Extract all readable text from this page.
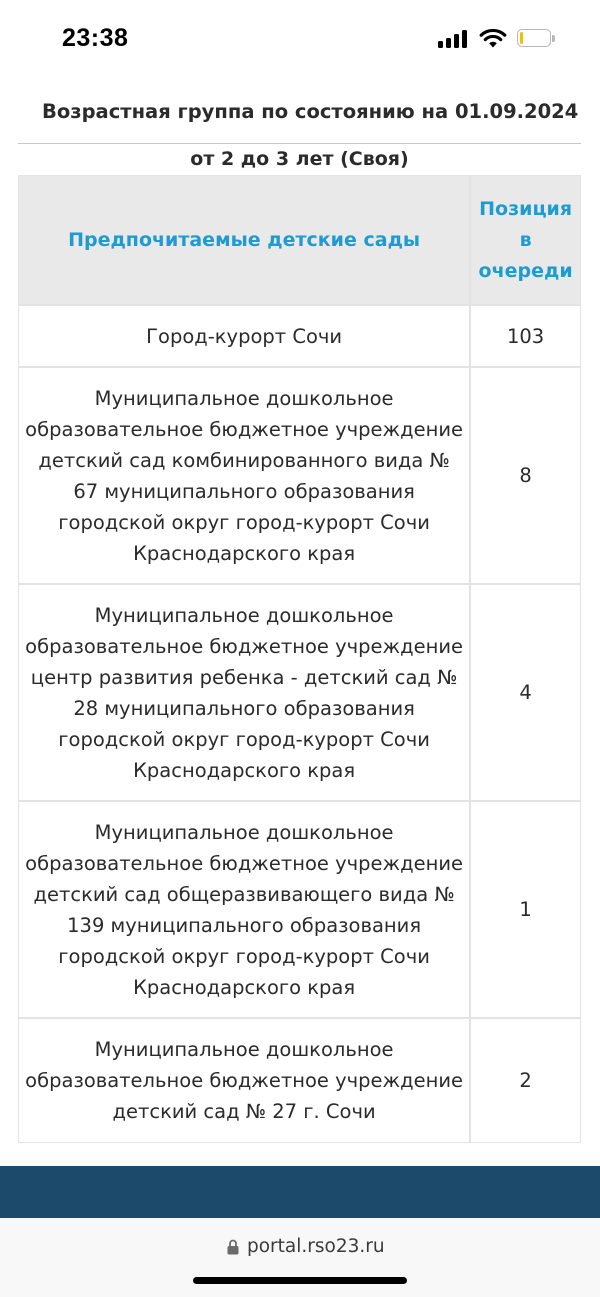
23:38
Возрастная группа по состоянию на 01.09.2024
от 2 до 3 лет (Своя)
Предпочитаемые детские сады	Позиция в очереди
Город-курорт Сочи	103
Муниципальное дошкольное образовательное бюджетное учреждение детский сад комбинированного вида № 67 муниципального образования городской округ город-курорт Сочи Краснодарского края	8
Муниципальное дошкольное образовательное бюджетное учреждение центр развития ребенка - детский сад № 28 муниципального образования городской округ город-курорт Сочи Краснодарского края	4
Муниципальное дошкольное образовательное бюджетное учреждение детский сад общеразвивающего вида № 139 муниципального образования городской округ город-курорт Сочи Краснодарского края	1
Муниципальное дошкольное образовательное бюджетное учреждение детский сад № 27 г. Сочи	2
portal.rso23.ru
